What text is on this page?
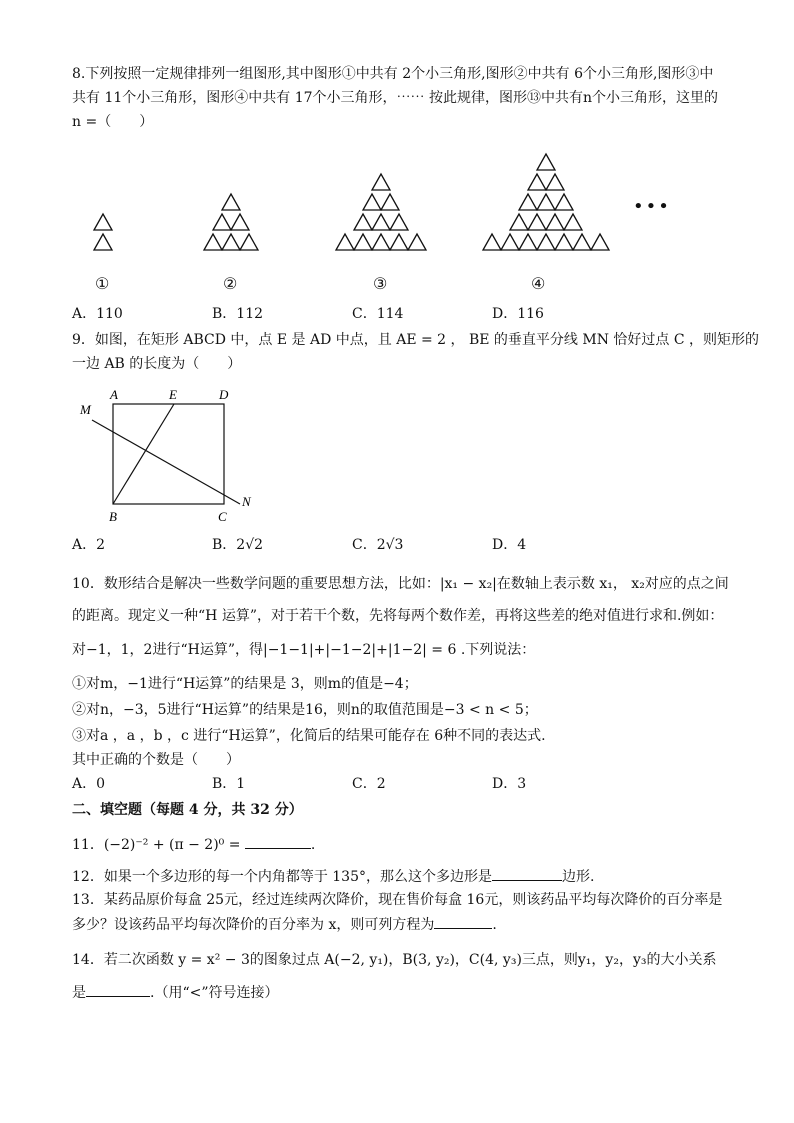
8.下列按照一定规律排列一组图形,其中图形①中共有 2个小三角形,图形②中共有 6个小三角形,图形③中
共有 11个小三角形，图形④中共有 17个小三角形，⋯⋯ 按此规律，图形⑬中共有n个小三角形，这里的
n =（　　）
①	②	③	④
•••
A．110	B．112	C．114	D．116
9．如图，在矩形 ABCD 中，点 E 是 AD 中点，且 AE = 2 ， BE 的垂直平分线 MN 恰好过点 C ，则矩形的
一边 AB 的长度为（　　）
A	E	D
M
B	C
N
A．2	B．2√2	C．2√3	D．4
10．数形结合是解决一些数学问题的重要思想方法，比如：|x₁ − x₂|在数轴上表示数 x₁， x₂对应的点之间
的距离。现定义一种“H 运算”，对于若干个数，先将每两个数作差，再将这些差的绝对值进行求和.例如：
对−1，1，2进行“H运算”，得|−1−1|+|−1−2|+|1−2| = 6 .下列说法：
①对m，−1进行“H运算”的结果是 3，则m的值是−4；
②对n，−3，5进行“H运算”的结果是16，则n的取值范围是−3 < n < 5；
③对a ，a ，b ，c 进行“H运算”，化简后的结果可能存在 6种不同的表达式.
其中正确的个数是（　　）
A．0	B．1	C．2	D．3
二、填空题（每题 4 分，共 32 分）
11．(−2)⁻² + (π − 2)⁰ =	.
12．如果一个多边形的每一个内角都等于 135°，那么这个多边形是	边形.
13．某药品原价每盒 25元，经过连续两次降价，现在售价每盒 16元，则该药品平均每次降价的百分率是
多少？设该药品平均每次降价的百分率为 x，则可列方程为	.
14．若二次函数 y = x² − 3的图象过点 A(−2, y₁)，B(3, y₂)，C(4, y₃)三点，则y₁，y₂，y₃的大小关系
是	.（用“<”符号连接）
